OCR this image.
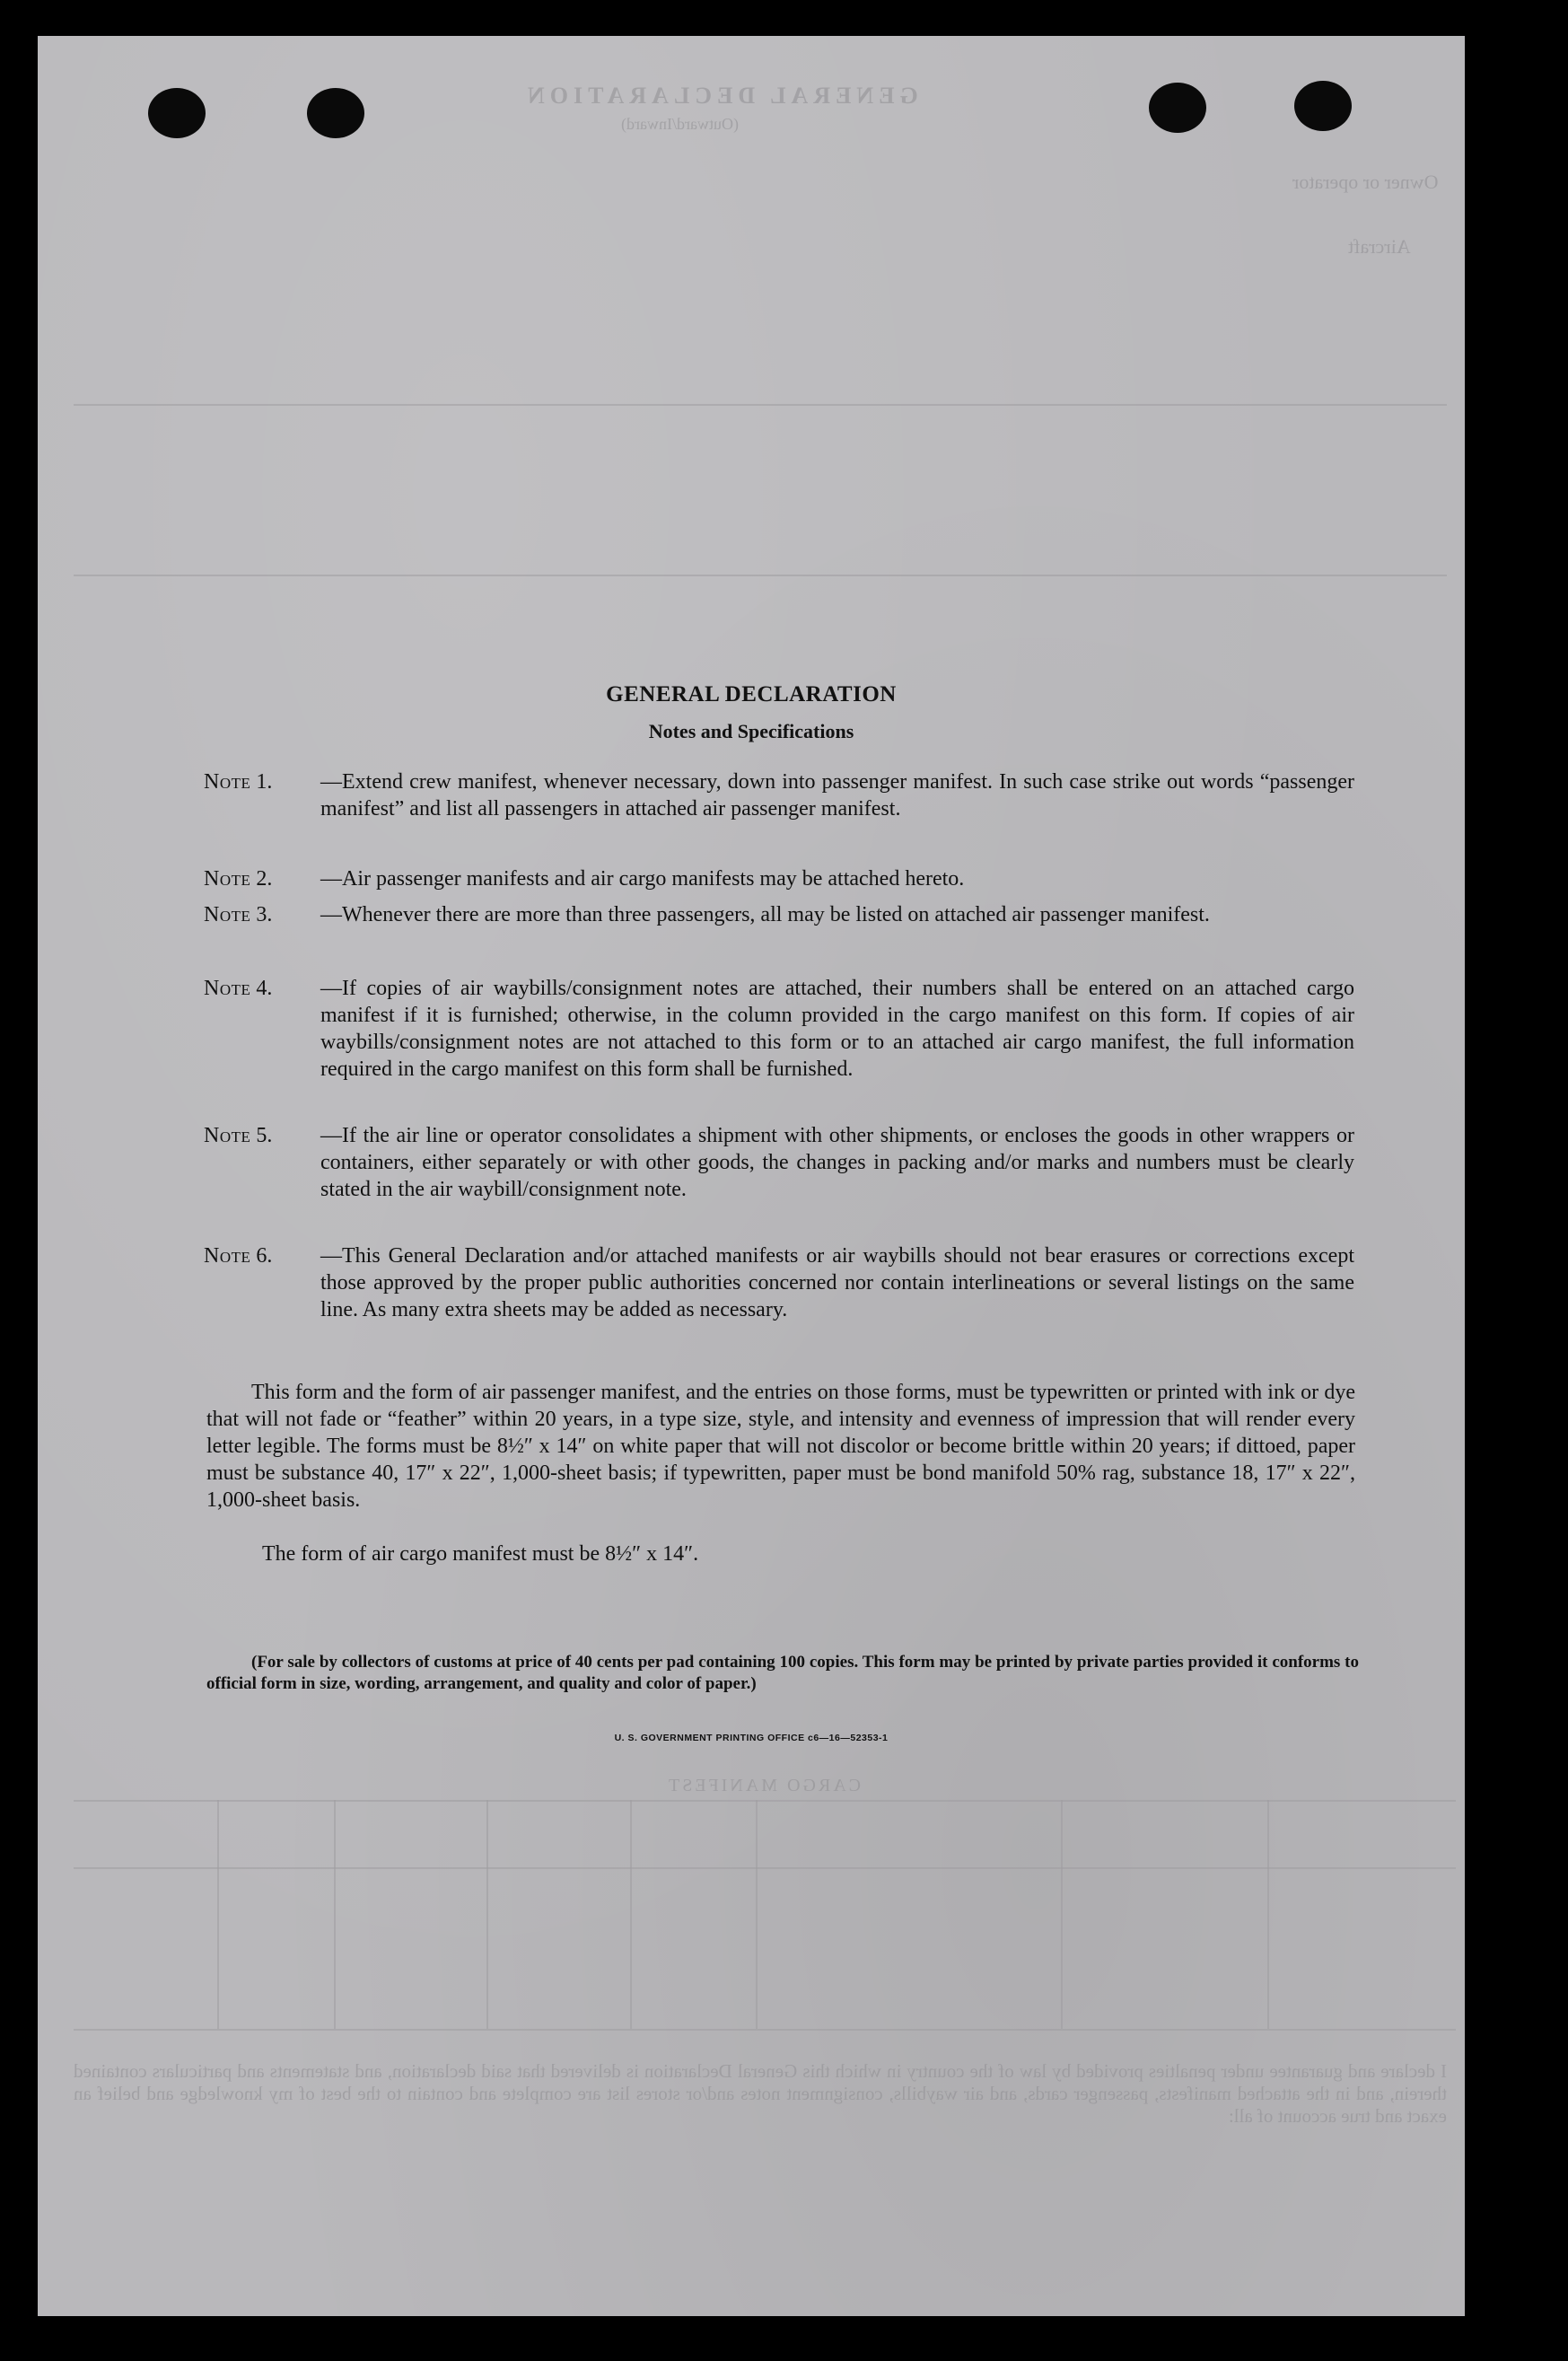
GENERAL DECLARATION
(Outward/Inward)
Owner or operator
Aircraft
CARGO MANIFEST
I declare and guarantee under penalties provided by law of the country in which this General Declaration is delivered that said declaration, and statements and particulars contained therein, and in the attached manifests, passenger cards, and air waybills, consignment notes and/or stores list are complete and contain to the best of my knowledge and belief an exact and true account of all:
GENERAL DECLARATION
Notes and Specifications
Note 1.	—Extend crew manifest, whenever necessary, down into passenger manifest. In such case strike out words “passenger manifest” and list all passengers in attached air passenger manifest.
Note 2.	—Air passenger manifests and air cargo manifests may be attached hereto.
Note 3.	—Whenever there are more than three passengers, all may be listed on attached air passenger manifest.
Note 4.	—If copies of air waybills/consignment notes are attached, their numbers shall be entered on an attached cargo manifest if it is furnished; otherwise, in the column provided in the cargo manifest on this form. If copies of air waybills/consignment notes are not attached to this form or to an attached air cargo manifest, the full information required in the cargo manifest on this form shall be furnished.
Note 5.	—If the air line or operator consolidates a shipment with other shipments, or encloses the goods in other wrappers or containers, either separately or with other goods, the changes in packing and/or marks and numbers must be clearly stated in the air waybill/consignment note.
Note 6.	—This General Declaration and/or attached manifests or air waybills should not bear erasures or corrections except those approved by the proper public authorities concerned nor contain interlineations or several listings on the same line. As many extra sheets may be added as necessary.
This form and the form of air passenger manifest, and the entries on those forms, must be typewritten or printed with ink or dye that will not fade or “feather” within 20 years, in a type size, style, and intensity and evenness of impression that will render every letter legible. The forms must be 8½″ x 14″ on white paper that will not discolor or become brittle within 20 years; if dittoed, paper must be substance 40, 17″ x 22″, 1,000-sheet basis; if typewritten, paper must be bond manifold 50% rag, substance 18, 17″ x 22″, 1,000-sheet basis.
The form of air cargo manifest must be 8½″ x 14″.
(For sale by collectors of customs at price of 40 cents per pad containing 100 copies. This form may be printed by private parties provided it conforms to official form in size, wording, arrangement, and quality and color of paper.)
U. S. GOVERNMENT PRINTING OFFICE c6—16—52353-1
